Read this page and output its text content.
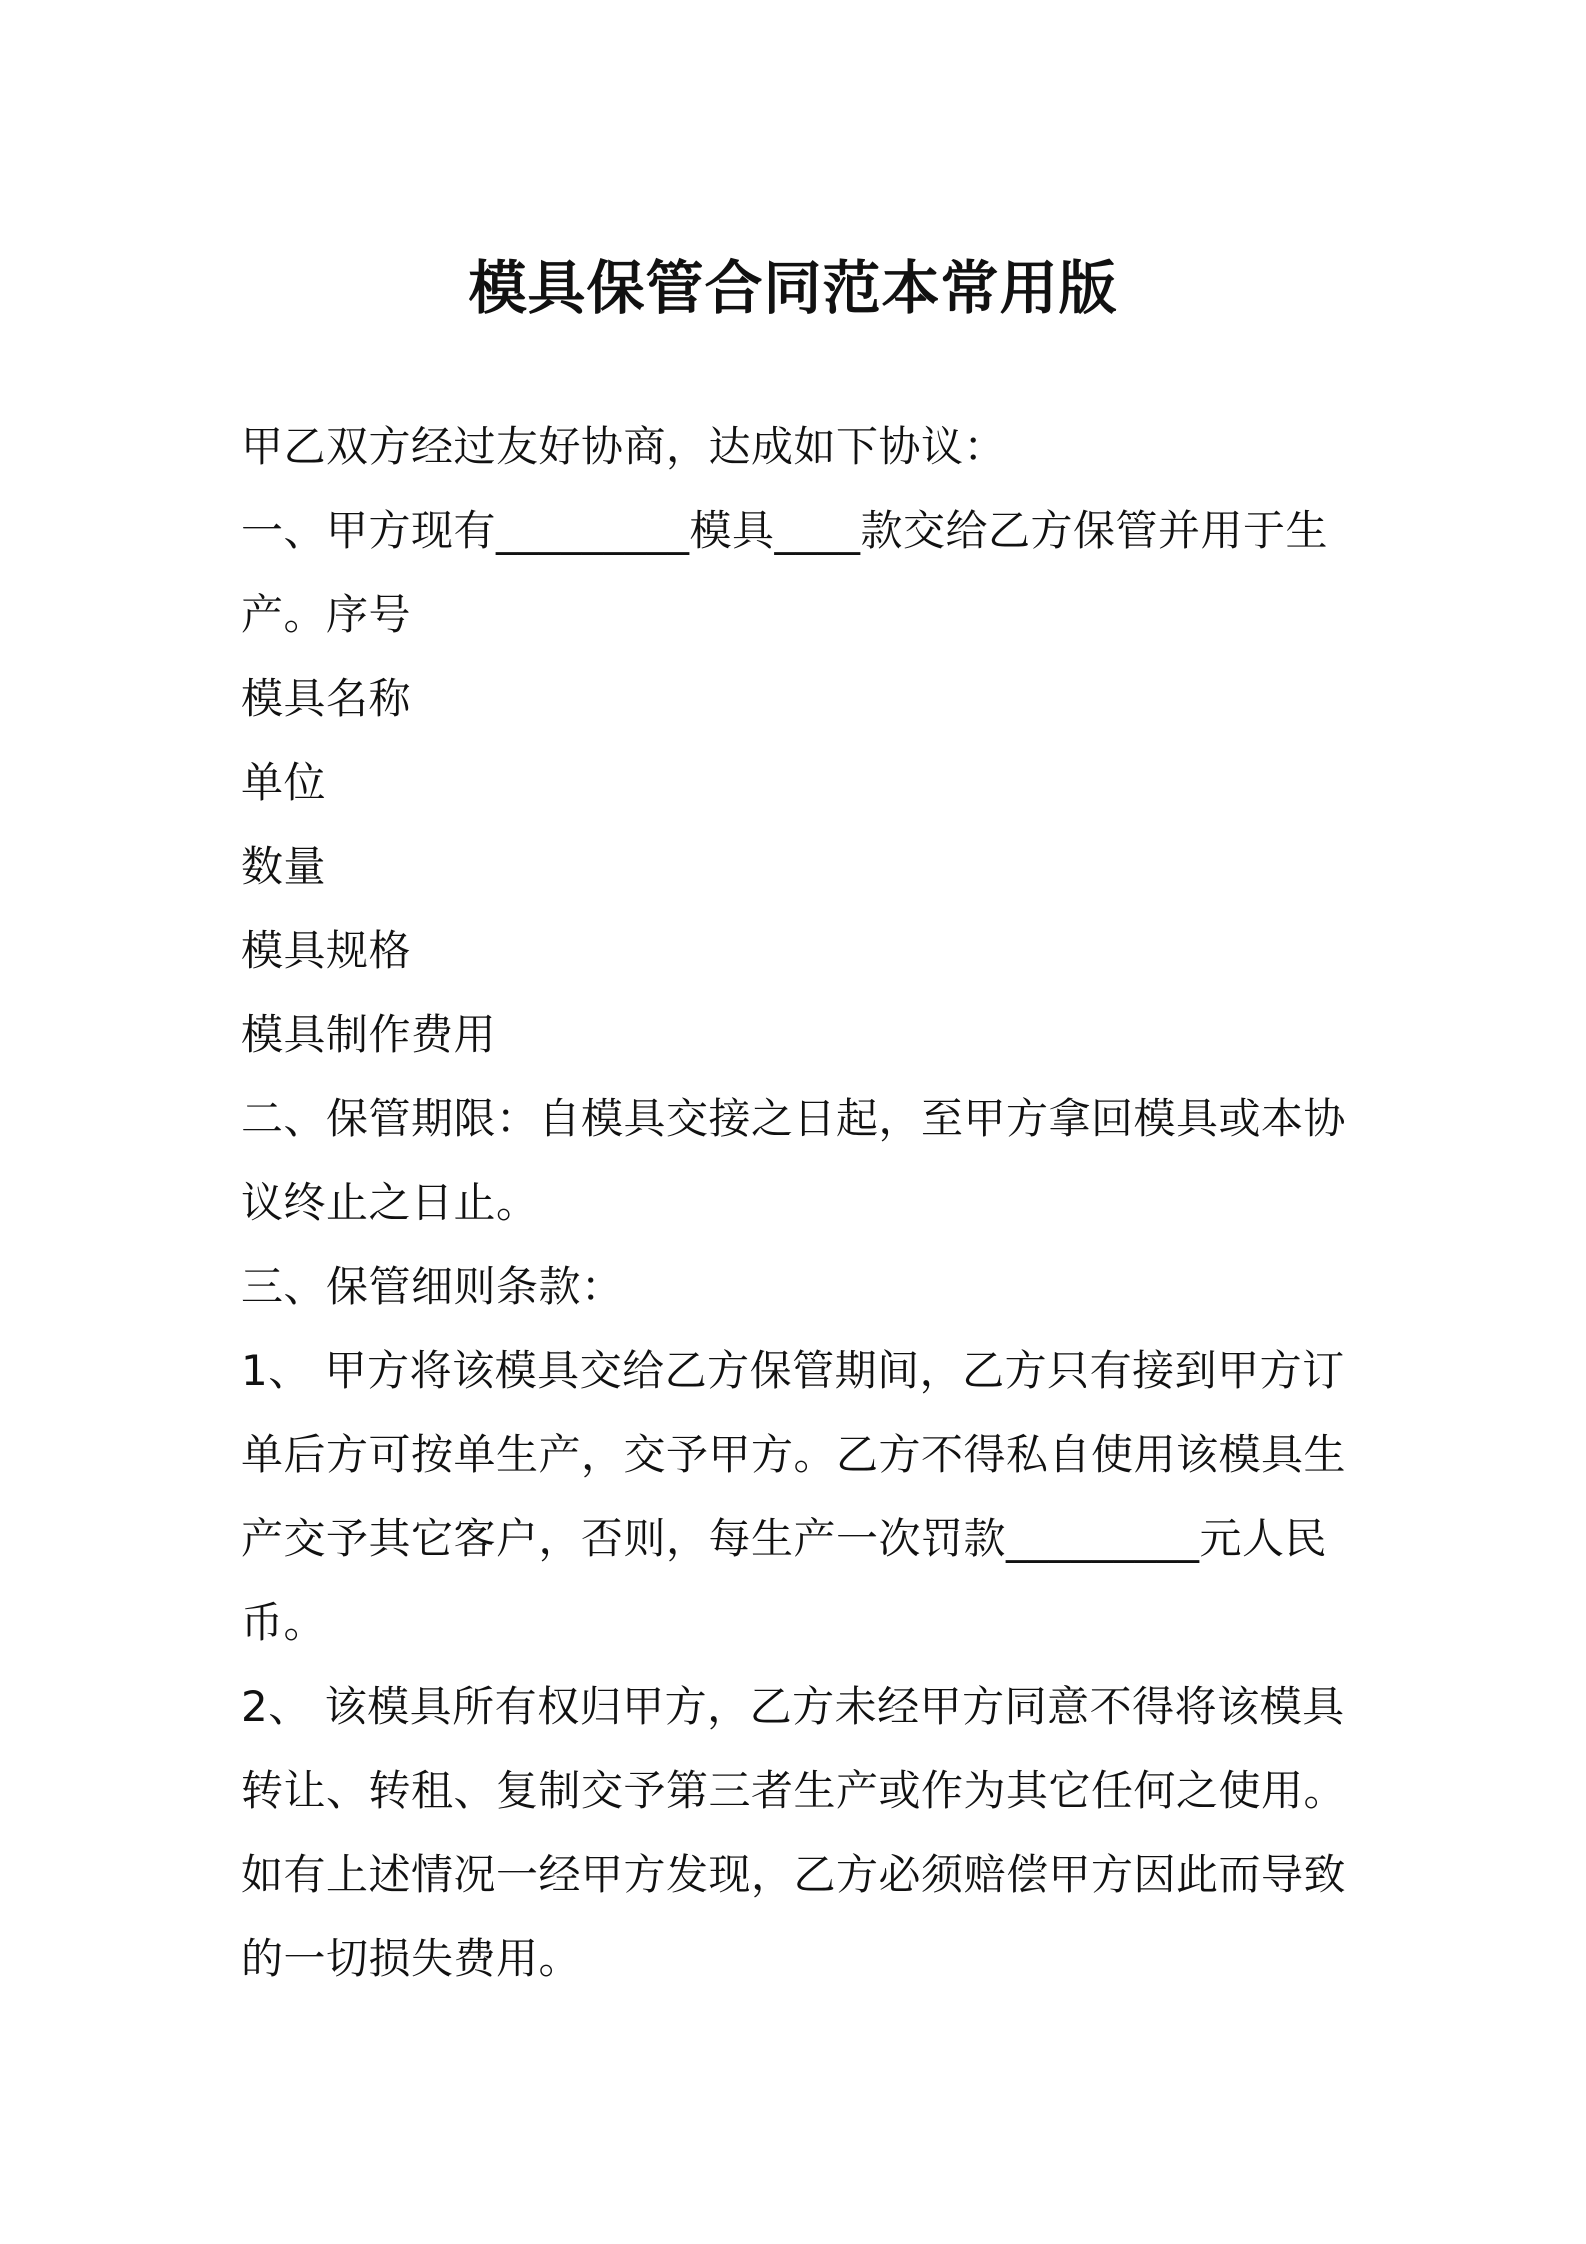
模具保管合同范本常用版
甲乙双方经过友好协商，达成如下协议：
一、甲方现有_________模具____款交给乙方保管并用于生
产。序号
模具名称
单位
数量
模具规格
模具制作费用
二、保管期限：自模具交接之日起，至甲方拿回模具或本协
议终止之日止。
三、保管细则条款：
1、 甲方将该模具交给乙方保管期间，乙方只有接到甲方订
单后方可按单生产，交予甲方。乙方不得私自使用该模具生
产交予其它客户，否则，每生产一次罚款_________元人民
币。
2、 该模具所有权归甲方，乙方未经甲方同意不得将该模具
转让、转租、复制交予第三者生产或作为其它任何之使用。
如有上述情况一经甲方发现，乙方必须赔偿甲方因此而导致
的一切损失费用。
